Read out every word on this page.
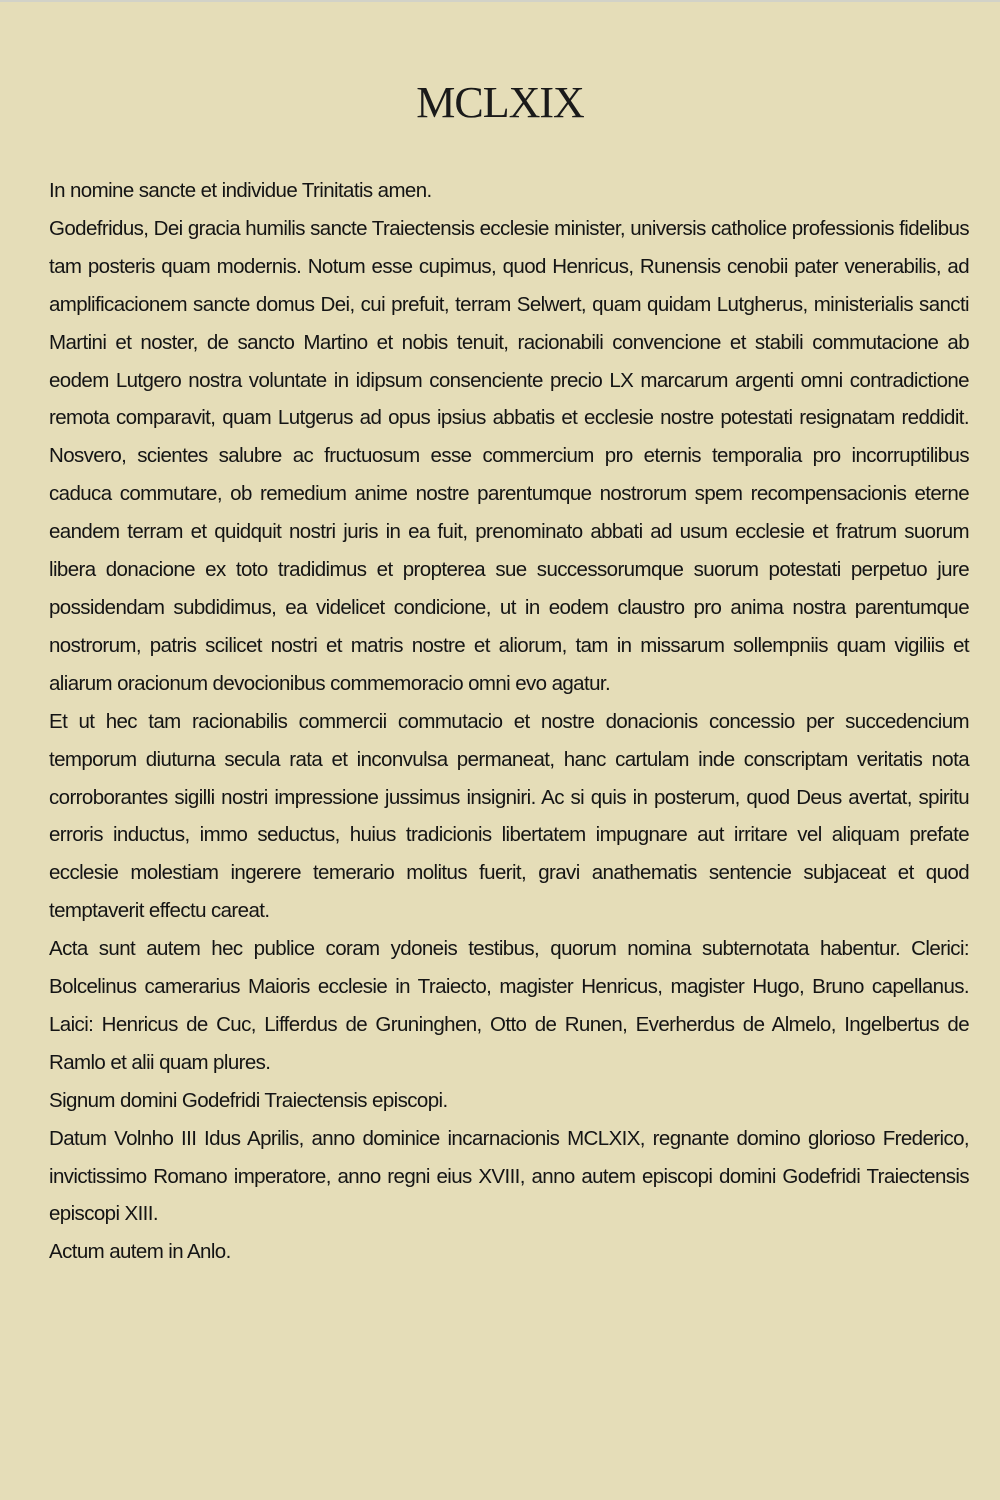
MCLXIX

In nomine sancte et individue Trinitatis amen.

Godefridus, Dei gracia humilis sancte Traiectensis ecclesie minister, universis catholice professionis fidelibus tam posteris quam modernis. Notum esse cupimus, quod Henricus, Runensis cenobii pater venerabilis, ad amplificacionem sancte domus Dei, cui prefuit, terram Selwert, quam quidam Lutgherus, ministerialis sancti Martini et noster, de sancto Martino et nobis tenuit, racionabili convencione et stabili commutacione ab eodem Lutgero nostra voluntate in idipsum consenciente precio LX marcarum argenti omni contradictione remota comparavit, quam Lutgerus ad opus ipsius abbatis et ecclesie nostre potestati resignatam reddidit. Nosvero, scientes salubre ac fructuosum esse commercium pro eternis temporalia pro incorruptilibus caduca commutare, ob remedium anime nostre parentumque nostrorum spem recompensacionis eterne eandem terram et quidquit nostri juris in ea fuit, prenominato abbati ad usum ecclesie et fratrum suorum libera donacione ex toto tradidimus et propterea sue successorumque suorum potestati perpetuo jure possidendam subdidimus, ea videlicet condicione, ut in eodem claustro pro anima nostra parentumque nostrorum, patris scilicet nostri et matris nostre et aliorum, tam in missarum sollempniis quam vigiliis et aliarum oracionum devocionibus commemoracio omni evo agatur.

Et ut hec tam racionabilis commercii commutacio et nostre donacionis concessio per succedencium temporum diuturna secula rata et inconvulsa permaneat, hanc cartulam inde conscriptam veritatis nota corroborantes sigilli nostri impressione jussimus insigniri. Ac si quis in posterum, quod Deus avertat, spiritu erroris inductus, immo seductus, huius tradicionis libertatem impugnare aut irritare vel aliquam prefate ecclesie molestiam ingerere temerario molitus fuerit, gravi anathematis sentencie subjaceat et quod temptaverit effectu careat.

Acta sunt autem hec publice coram ydoneis testibus, quorum nomina subternotata habentur. Clerici: Bolcelinus camerarius Maioris ecclesie in Traiecto, magister Henricus, magister Hugo, Bruno capellanus. Laici: Henricus de Cuc, Lifferdus de Gruninghen, Otto de Runen, Everherdus de Almelo, Ingelbertus de Ramlo et alii quam plures.

Signum domini Godefridi Traiectensis episcopi.

Datum Volnho III Idus Aprilis, anno dominice incarnacionis MCLXIX, regnante domino glorioso Frederico, invictissimo Romano imperatore, anno regni eius XVIII, anno autem episcopi domini Godefridi Traiectensis episcopi XIII.

Actum autem in Anlo.
